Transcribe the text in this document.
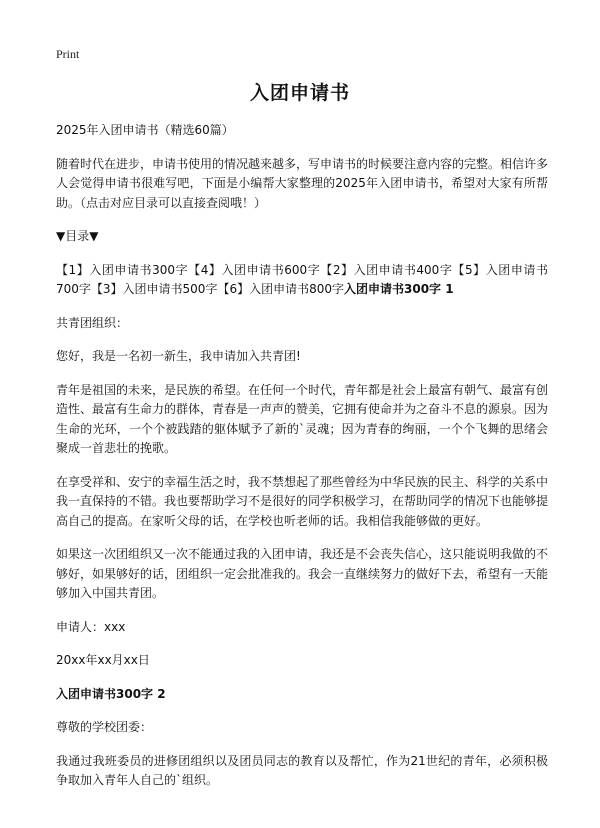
Print
入团申请书

2025年入团申请书（精选60篇）

随着时代在进步，申请书使用的情况越来越多，写申请书的时候要注意内容的完整。相信许多人会觉得申请书很难写吧，下面是小编帮大家整理的2025年入团申请书，希望对大家有所帮助。（点击对应目录可以直接查阅哦！）

▼目录▼

【1】入团申请书300字【4】入团申请书600字【2】入团申请书400字【5】入团申请书700字【3】入团申请书500字【6】入团申请书800字入团申请书300字 1

共青团组织：

您好，我是一名初一新生，我申请加入共青团!

青年是祖国的未来，是民族的希望。在任何一个时代，青年都是社会上最富有朝气、最富有创造性、最富有生命力的群体，青春是一声声的赞美，它拥有使命并为之奋斗不息的源泉。因为生命的光环，一个个被践踏的躯体赋予了新的`灵魂；因为青春的绚丽，一个个飞舞的思绪会聚成一首悲壮的挽歌。

在享受祥和、安宁的幸福生活之时，我不禁想起了那些曾经为中华民族的民主、科学的关系中我一直保持的不错。我也要帮助学习不是很好的同学积极学习，在帮助同学的情况下也能够提高自己的提高。在家听父母的话，在学校也听老师的话。我相信我能够做的更好。

如果这一次团组织又一次不能通过我的入团申请，我还是不会丧失信心，这只能说明我做的不够好，如果够好的话，团组织一定会批准我的。我会一直继续努力的做好下去，希望有一天能够加入中国共青团。

申请人：xxx

20xx年xx月xx日

入团申请书300字 2

尊敬的学校团委：

我通过我班委员的进修团组织以及团员同志的教育以及帮忙，作为21世纪的青年，必须积极争取加入青年人自己的`组织。
